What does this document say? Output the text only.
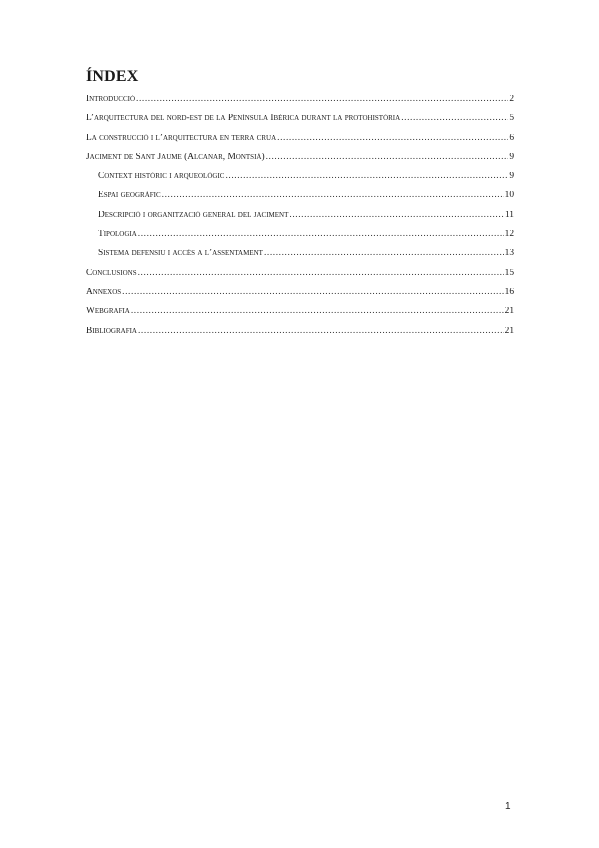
ÍNDEX
Introducció .....	2
L’arquitectura del nord-est de la Península Ibèrica durant la protohistòria .....	5
La construcció i l’arquitectura en terra crua .....	6
Jaciment de Sant Jaume (Alcanar, Montsià) .....	9
Context històric i arqueològic .....	9
Espai geogràfic .....	10
Descripció i organització general del jaciment .....	11
Tipologia .....	12
Sistema defensiu i accés a l’assentament .....	13
Conclusions .....	15
Annexos .....	16
Webgrafia .....	21
Bibliografia .....	21
1
